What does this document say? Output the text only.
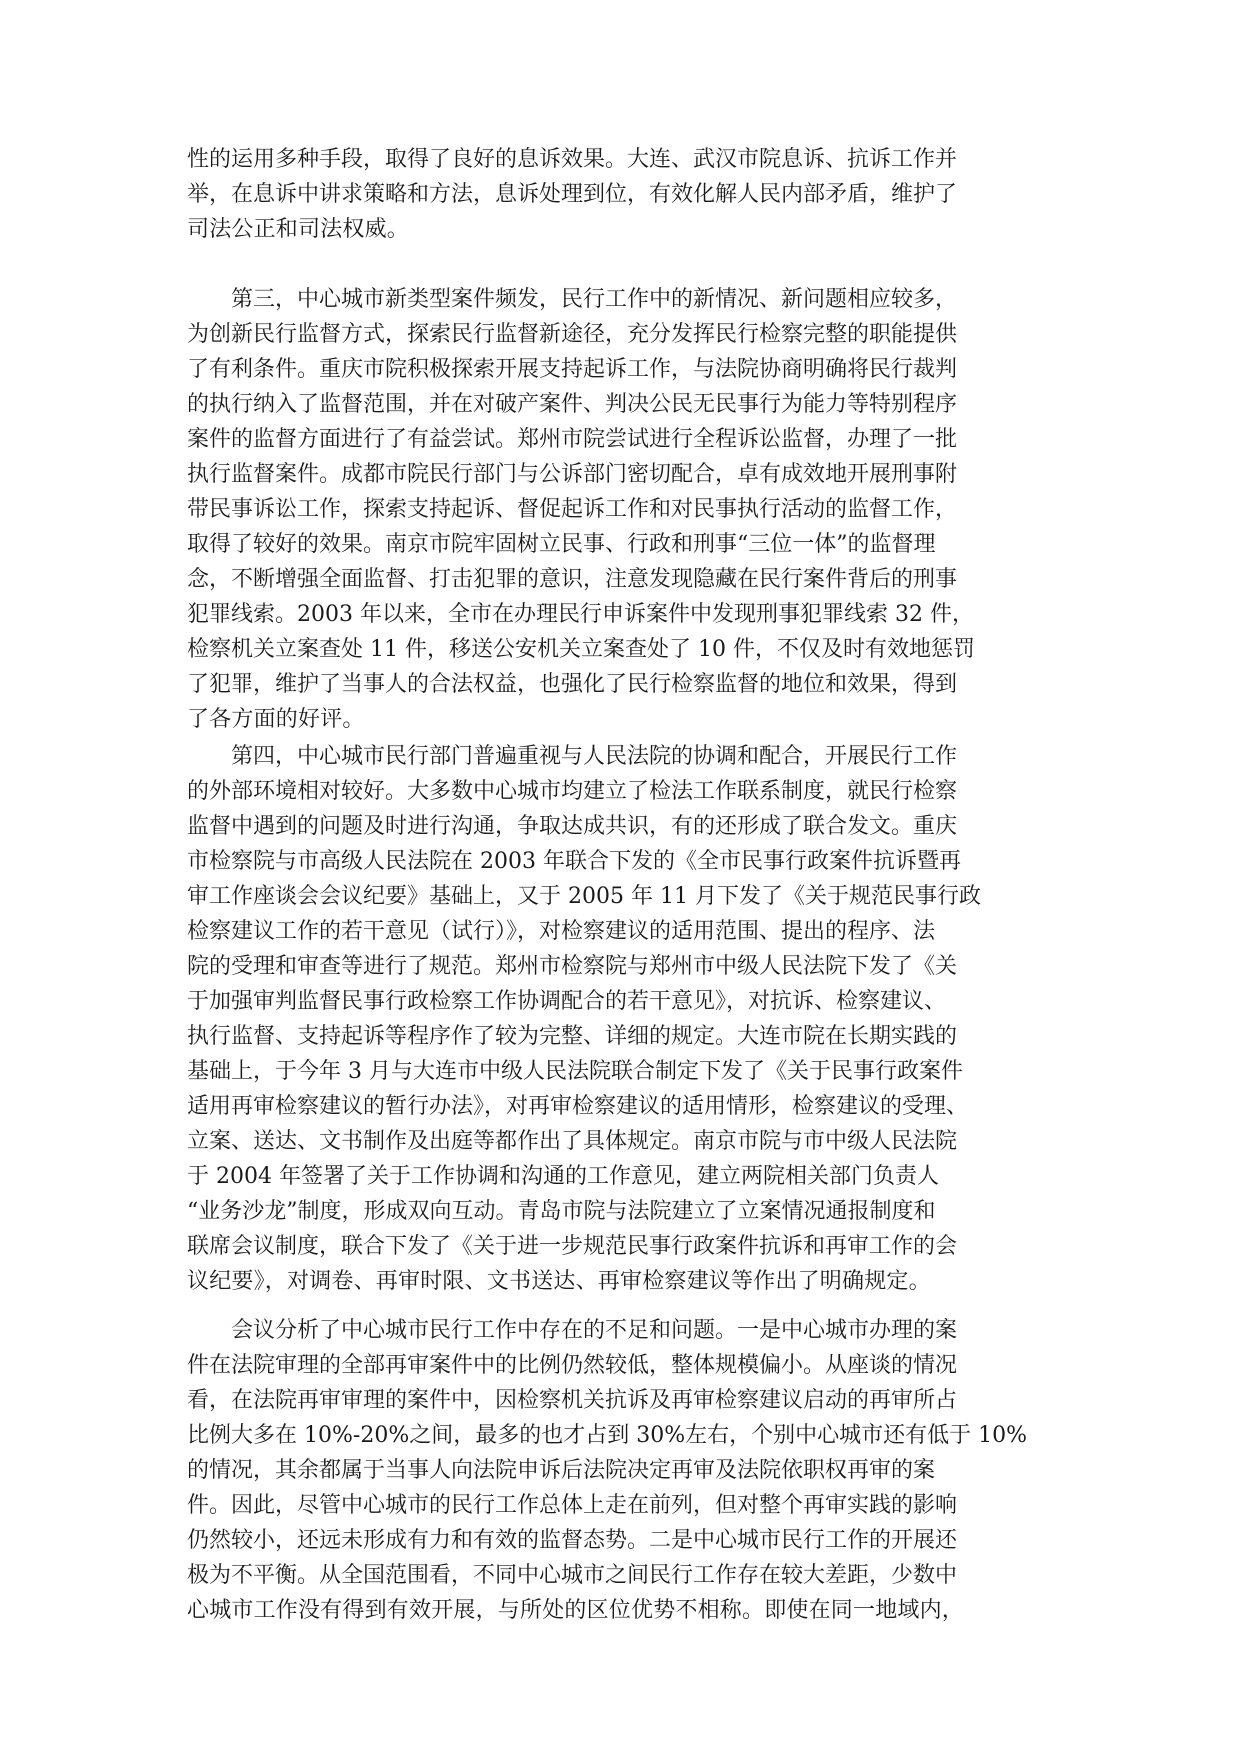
性的运用多种手段，取得了良好的息诉效果。大连、武汉市院息诉、抗诉工作并
举，在息诉中讲求策略和方法，息诉处理到位，有效化解人民内部矛盾，维护了
司法公正和司法权威。
　　第三，中心城市新类型案件频发，民行工作中的新情况、新问题相应较多，
为创新民行监督方式，探索民行监督新途径，充分发挥民行检察完整的职能提供
了有利条件。重庆市院积极探索开展支持起诉工作，与法院协商明确将民行裁判
的执行纳入了监督范围，并在对破产案件、判决公民无民事行为能力等特别程序
案件的监督方面进行了有益尝试。郑州市院尝试进行全程诉讼监督，办理了一批
执行监督案件。成都市院民行部门与公诉部门密切配合，卓有成效地开展刑事附
带民事诉讼工作，探索支持起诉、督促起诉工作和对民事执行活动的监督工作，
取得了较好的效果。南京市院牢固树立民事、行政和刑事“三位一体”的监督理
念，不断增强全面监督、打击犯罪的意识，注意发现隐藏在民行案件背后的刑事
犯罪线索。2003 年以来，全市在办理民行申诉案件中发现刑事犯罪线索 32 件，
检察机关立案查处 11 件，移送公安机关立案查处了 10 件，不仅及时有效地惩罚
了犯罪，维护了当事人的合法权益，也强化了民行检察监督的地位和效果，得到
了各方面的好评。
　　第四，中心城市民行部门普遍重视与人民法院的协调和配合，开展民行工作
的外部环境相对较好。大多数中心城市均建立了检法工作联系制度，就民行检察
监督中遇到的问题及时进行沟通，争取达成共识，有的还形成了联合发文。重庆
市检察院与市高级人民法院在 2003 年联合下发的《全市民事行政案件抗诉暨再
审工作座谈会会议纪要》基础上，又于 2005 年 11 月下发了《关于规范民事行政
检察建议工作的若干意见（试行）》，对检察建议的适用范围、提出的程序、法
院的受理和审查等进行了规范。郑州市检察院与郑州市中级人民法院下发了《关
于加强审判监督民事行政检察工作协调配合的若干意见》，对抗诉、检察建议、
执行监督、支持起诉等程序作了较为完整、详细的规定。大连市院在长期实践的
基础上，于今年 3 月与大连市中级人民法院联合制定下发了《关于民事行政案件
适用再审检察建议的暂行办法》，对再审检察建议的适用情形，检察建议的受理、
立案、送达、文书制作及出庭等都作出了具体规定。南京市院与市中级人民法院
于 2004 年签署了关于工作协调和沟通的工作意见，建立两院相关部门负责人
“业务沙龙”制度，形成双向互动。青岛市院与法院建立了立案情况通报制度和
联席会议制度，联合下发了《关于进一步规范民事行政案件抗诉和再审工作的会
议纪要》，对调卷、再审时限、文书送达、再审检察建议等作出了明确规定。
　　会议分析了中心城市民行工作中存在的不足和问题。一是中心城市办理的案
件在法院审理的全部再审案件中的比例仍然较低，整体规模偏小。从座谈的情况
看，在法院再审审理的案件中，因检察机关抗诉及再审检察建议启动的再审所占
比例大多在 10%-20%之间，最多的也才占到 30%左右，个别中心城市还有低于 10%
的情况，其余都属于当事人向法院申诉后法院决定再审及法院依职权再审的案
件。因此，尽管中心城市的民行工作总体上走在前列，但对整个再审实践的影响
仍然较小，还远未形成有力和有效的监督态势。二是中心城市民行工作的开展还
极为不平衡。从全国范围看，不同中心城市之间民行工作存在较大差距，少数中
心城市工作没有得到有效开展，与所处的区位优势不相称。即使在同一地域内，
